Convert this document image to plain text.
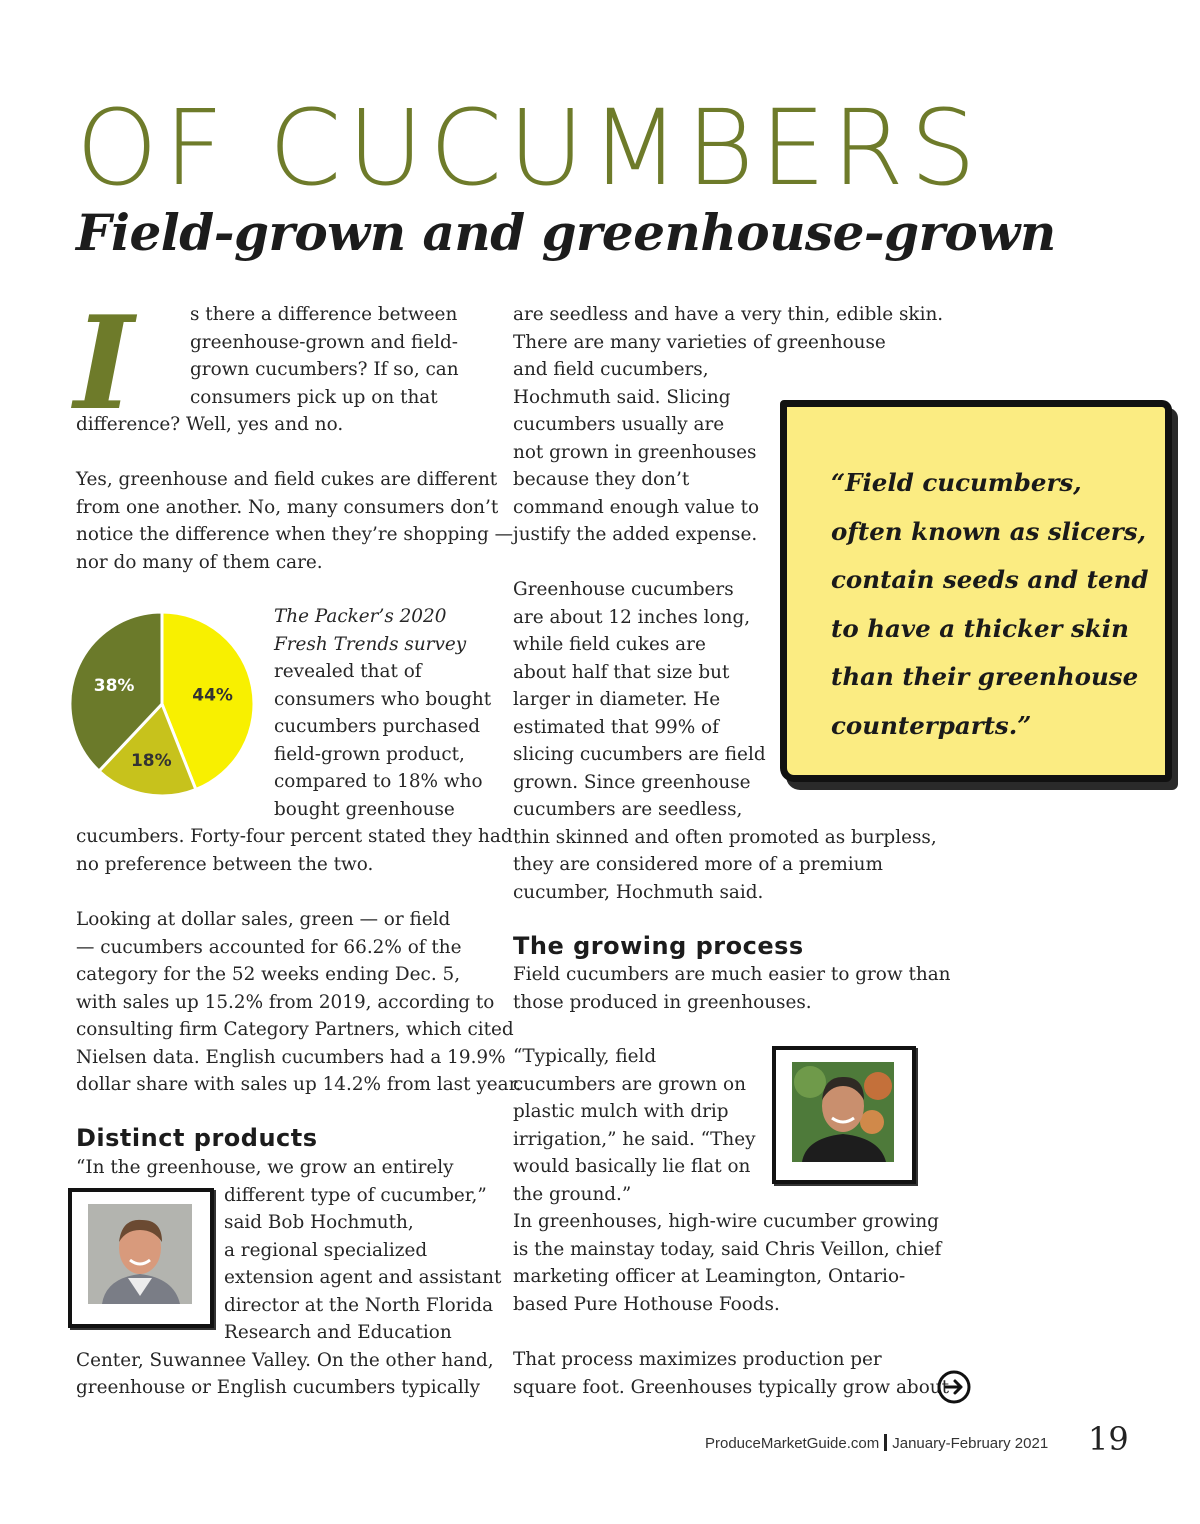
OF CUCUMBERS
Field-grown and greenhouse-grown
I	s there a difference between
greenhouse-grown and field-
grown cucumbers? If so, can
consumers pick up on that
difference? Well, yes and no.

Yes, greenhouse and field cukes are different
from one another. No, many consumers don’t
notice the difference when they’re shopping —
nor do many of them care.

44%
18%
38%

The Packer’s 2020
Fresh Trends survey
revealed that of
consumers who bought
cucumbers purchased
field-grown product,
compared to 18% who
bought greenhouse
cucumbers. Forty-four percent stated they had
no preference between the two.

Looking at dollar sales, green — or field
— cucumbers accounted for 66.2% of the
category for the 52 weeks ending Dec. 5,
with sales up 15.2% from 2019, according to
consulting firm Category Partners, which cited
Nielsen data. English cucumbers had a 19.9%
dollar share with sales up 14.2% from last year.

Distinct products

“In the greenhouse, we grow an entirely
different type of cucumber,”
said Bob Hochmuth,
a regional specialized
extension agent and assistant
director at the North Florida
Research and Education
Center, Suwannee Valley. On the other hand,
greenhouse or English cucumbers typically

are seedless and have a very thin, edible skin.
There are many varieties of greenhouse
and field cucumbers,
Hochmuth said. Slicing
cucumbers usually are
not grown in greenhouses
because they don’t
command enough value to
justify the added expense.

Greenhouse cucumbers
are about 12 inches long,
while field cukes are
about half that size but
larger in diameter. He
estimated that 99% of
slicing cucumbers are field
grown. Since greenhouse
cucumbers are seedless,
thin skinned and often promoted as burpless,
they are considered more of a premium
cucumber, Hochmuth said.

The growing process

Field cucumbers are much easier to grow than
those produced in greenhouses.

“Typically, field
cucumbers are grown on
plastic mulch with drip
irrigation,” he said. “They
would basically lie flat on
the ground.”
In greenhouses, high-wire cucumber growing
is the mainstay today, said Chris Veillon, chief
marketing officer at Leamington, Ontario-
based Pure Hothouse Foods.

That process maximizes production per
square foot. Greenhouses typically grow about

“Field cucumbers,
often known as slicers,
contain seeds and tend
to have a thicker skin
than their greenhouse
counterparts.”

ProduceMarketGuide.com January-February 2021 19
